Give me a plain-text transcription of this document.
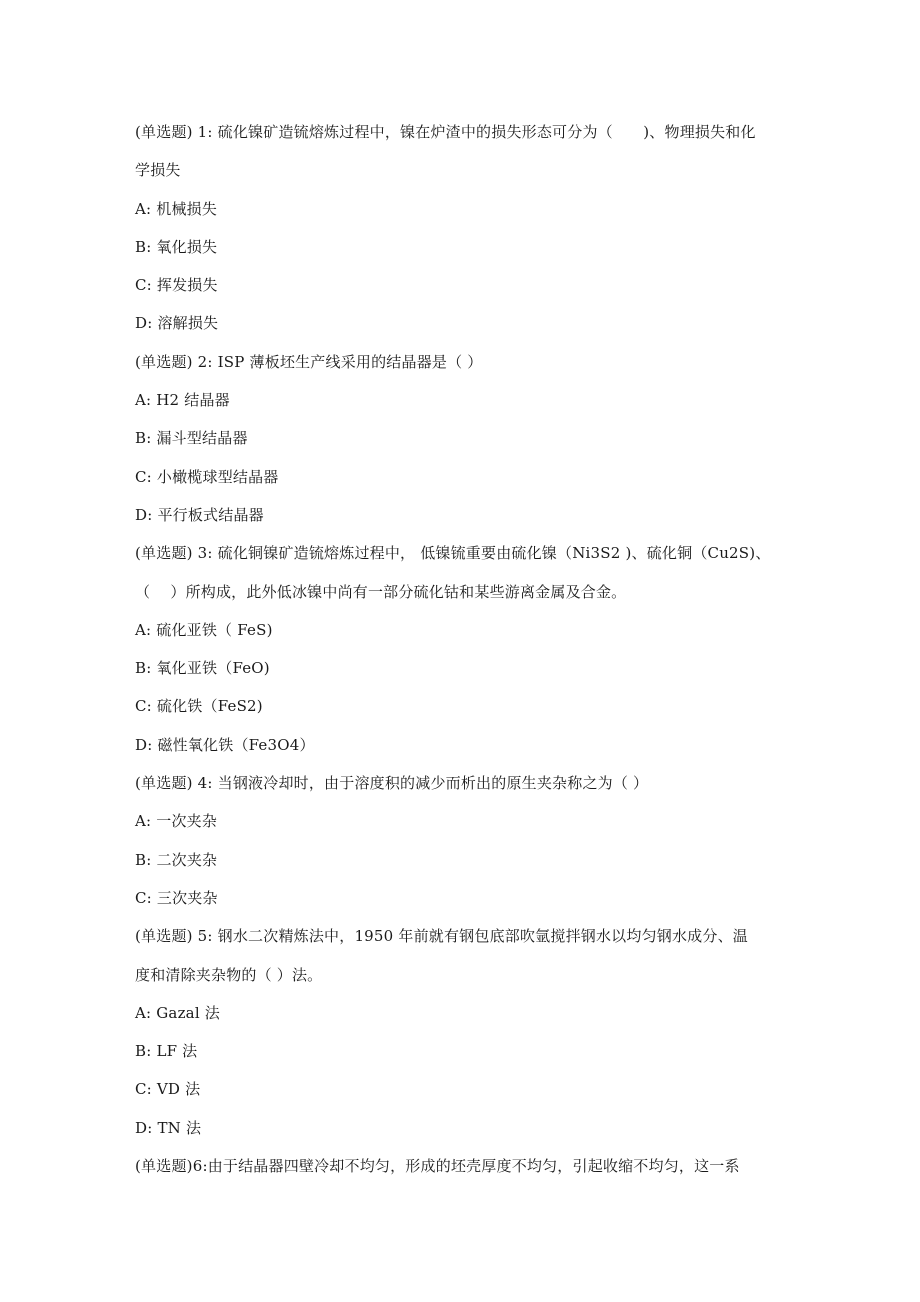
(单选题) 1: 硫化镍矿造锍熔炼过程中，镍在炉渣中的损失形态可分为（　　)、物理损失和化
学损失
A: 机械损失
B: 氧化损失
C: 挥发损失
D: 溶解损失
(单选题) 2: ISP 薄板坯生产线采用的结晶器是（ ）
A: H2 结晶器
B: 漏斗型结晶器
C: 小橄榄球型结晶器
D: 平行板式结晶器
(单选题) 3: 硫化铜镍矿造锍熔炼过程中， 低镍锍重要由硫化镍（Ni3S2 )、硫化铜（Cu2S)、
（　 ）所构成，此外低冰镍中尚有一部分硫化钴和某些游离金属及合金。
A: 硫化亚铁（ FeS)
B: 氧化亚铁（FeO)
C: 硫化铁（FeS2)
D: 磁性氧化铁（Fe3O4）
(单选题) 4: 当钢液冷却时，由于溶度积的减少而析出的原生夹杂称之为（ ）
A: 一次夹杂
B: 二次夹杂
C: 三次夹杂
(单选题) 5: 钢水二次精炼法中，1950 年前就有钢包底部吹氩搅拌钢水以均匀钢水成分、温
度和清除夹杂物的（ ）法。
A: Gazal 法
B: LF 法
C: VD 法
D: TN 法
(单选题)6:由于结晶器四壁冷却不均匀，形成的坯壳厚度不均匀，引起收缩不均匀，这一系
